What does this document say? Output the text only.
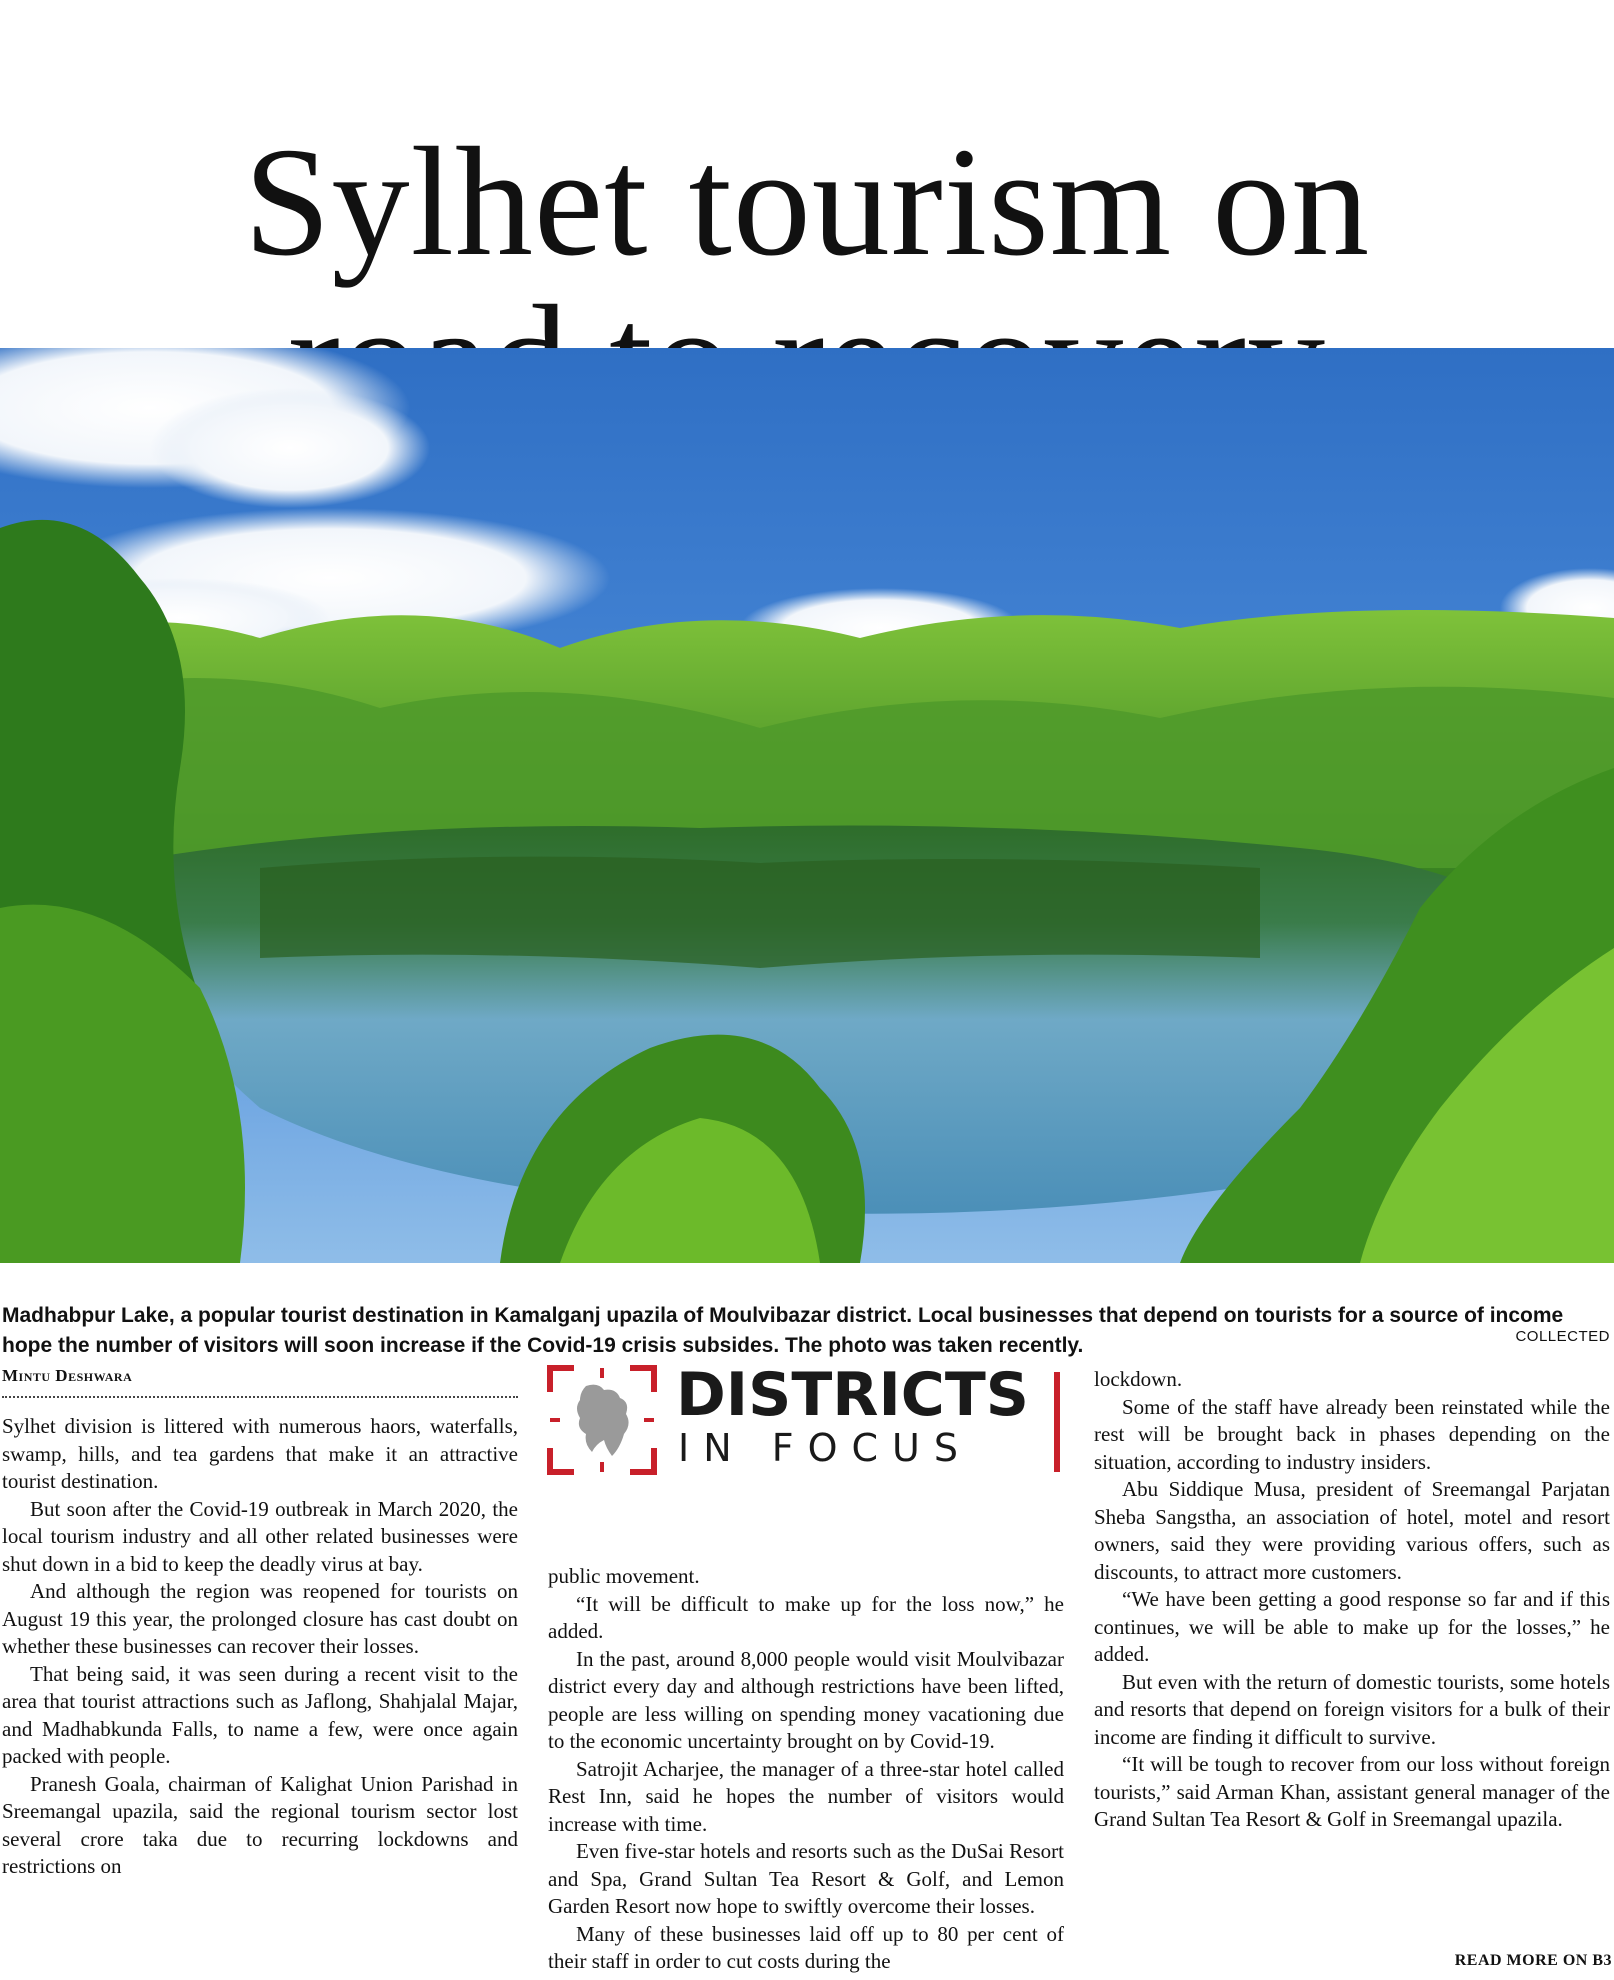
Sylhet tourism on

Madhabpur Lake, a popular tourist destination in Kamalganj upazila of Moulvibazar district. Local businesses that depend on tourists for a source of income hope the number of visitors will soon increase if the Covid-19 crisis subsides. The photo was taken recently.	COLLECTED
Mintu Deshwara

Sylhet division is littered with numerous haors, waterfalls, swamp, hills, and tea gardens that make it an attractive tourist destination.

But soon after the Covid-19 outbreak in March 2020, the local tourism industry and all other related businesses were shut down in a bid to keep the deadly virus at bay.

And although the region was reopened for tourists on August 19 this year, the prolonged closure has cast doubt on whether these businesses can recover their losses.

That being said, it was seen during a recent visit to the area that tourist attractions such as Jaflong, Shahjalal Majar, and Madhabkunda Falls, to name a few, were once again packed with people.

Pranesh Goala, chairman of Kalighat Union Parishad in Sreemangal upazila, said the regional tourism sector lost several crore taka due to recurring lockdowns and restrictions on

DISTRICTS
IN FOCUS

public movement.

“It will be difficult to make up for the loss now,” he added.

In the past, around 8,000 people would visit Moulvibazar district every day and although restrictions have been lifted, people are less willing on spending money vacationing due to the economic uncertainty brought on by Covid-19.

Satrojit Acharjee, the manager of a three-star hotel called Rest Inn, said he hopes the number of visitors would increase with time.

Even five-star hotels and resorts such as the DuSai Resort and Spa, Grand Sultan Tea Resort & Golf, and Lemon Garden Resort now hope to swiftly overcome their losses.

Many of these businesses laid off up to 80 per cent of their staff in order to cut costs during the

lockdown.

Some of the staff have already been reinstated while the rest will be brought back in phases depending on the situation, according to industry insiders.

Abu Siddique Musa, president of Sreemangal Parjatan Sheba Sangstha, an association of hotel, motel and resort owners, said they were providing various offers, such as discounts, to attract more customers.

“We have been getting a good response so far and if this continues, we will be able to make up for the losses,” he added.

But even with the return of domestic tourists, some hotels and resorts that depend on foreign visitors for a bulk of their income are finding it difficult to survive.

“It will be tough to recover from our loss without foreign tourists,” said Arman Khan, assistant general manager of the Grand Sultan Tea Resort & Golf in Sreemangal upazila.

READ MORE ON B3
